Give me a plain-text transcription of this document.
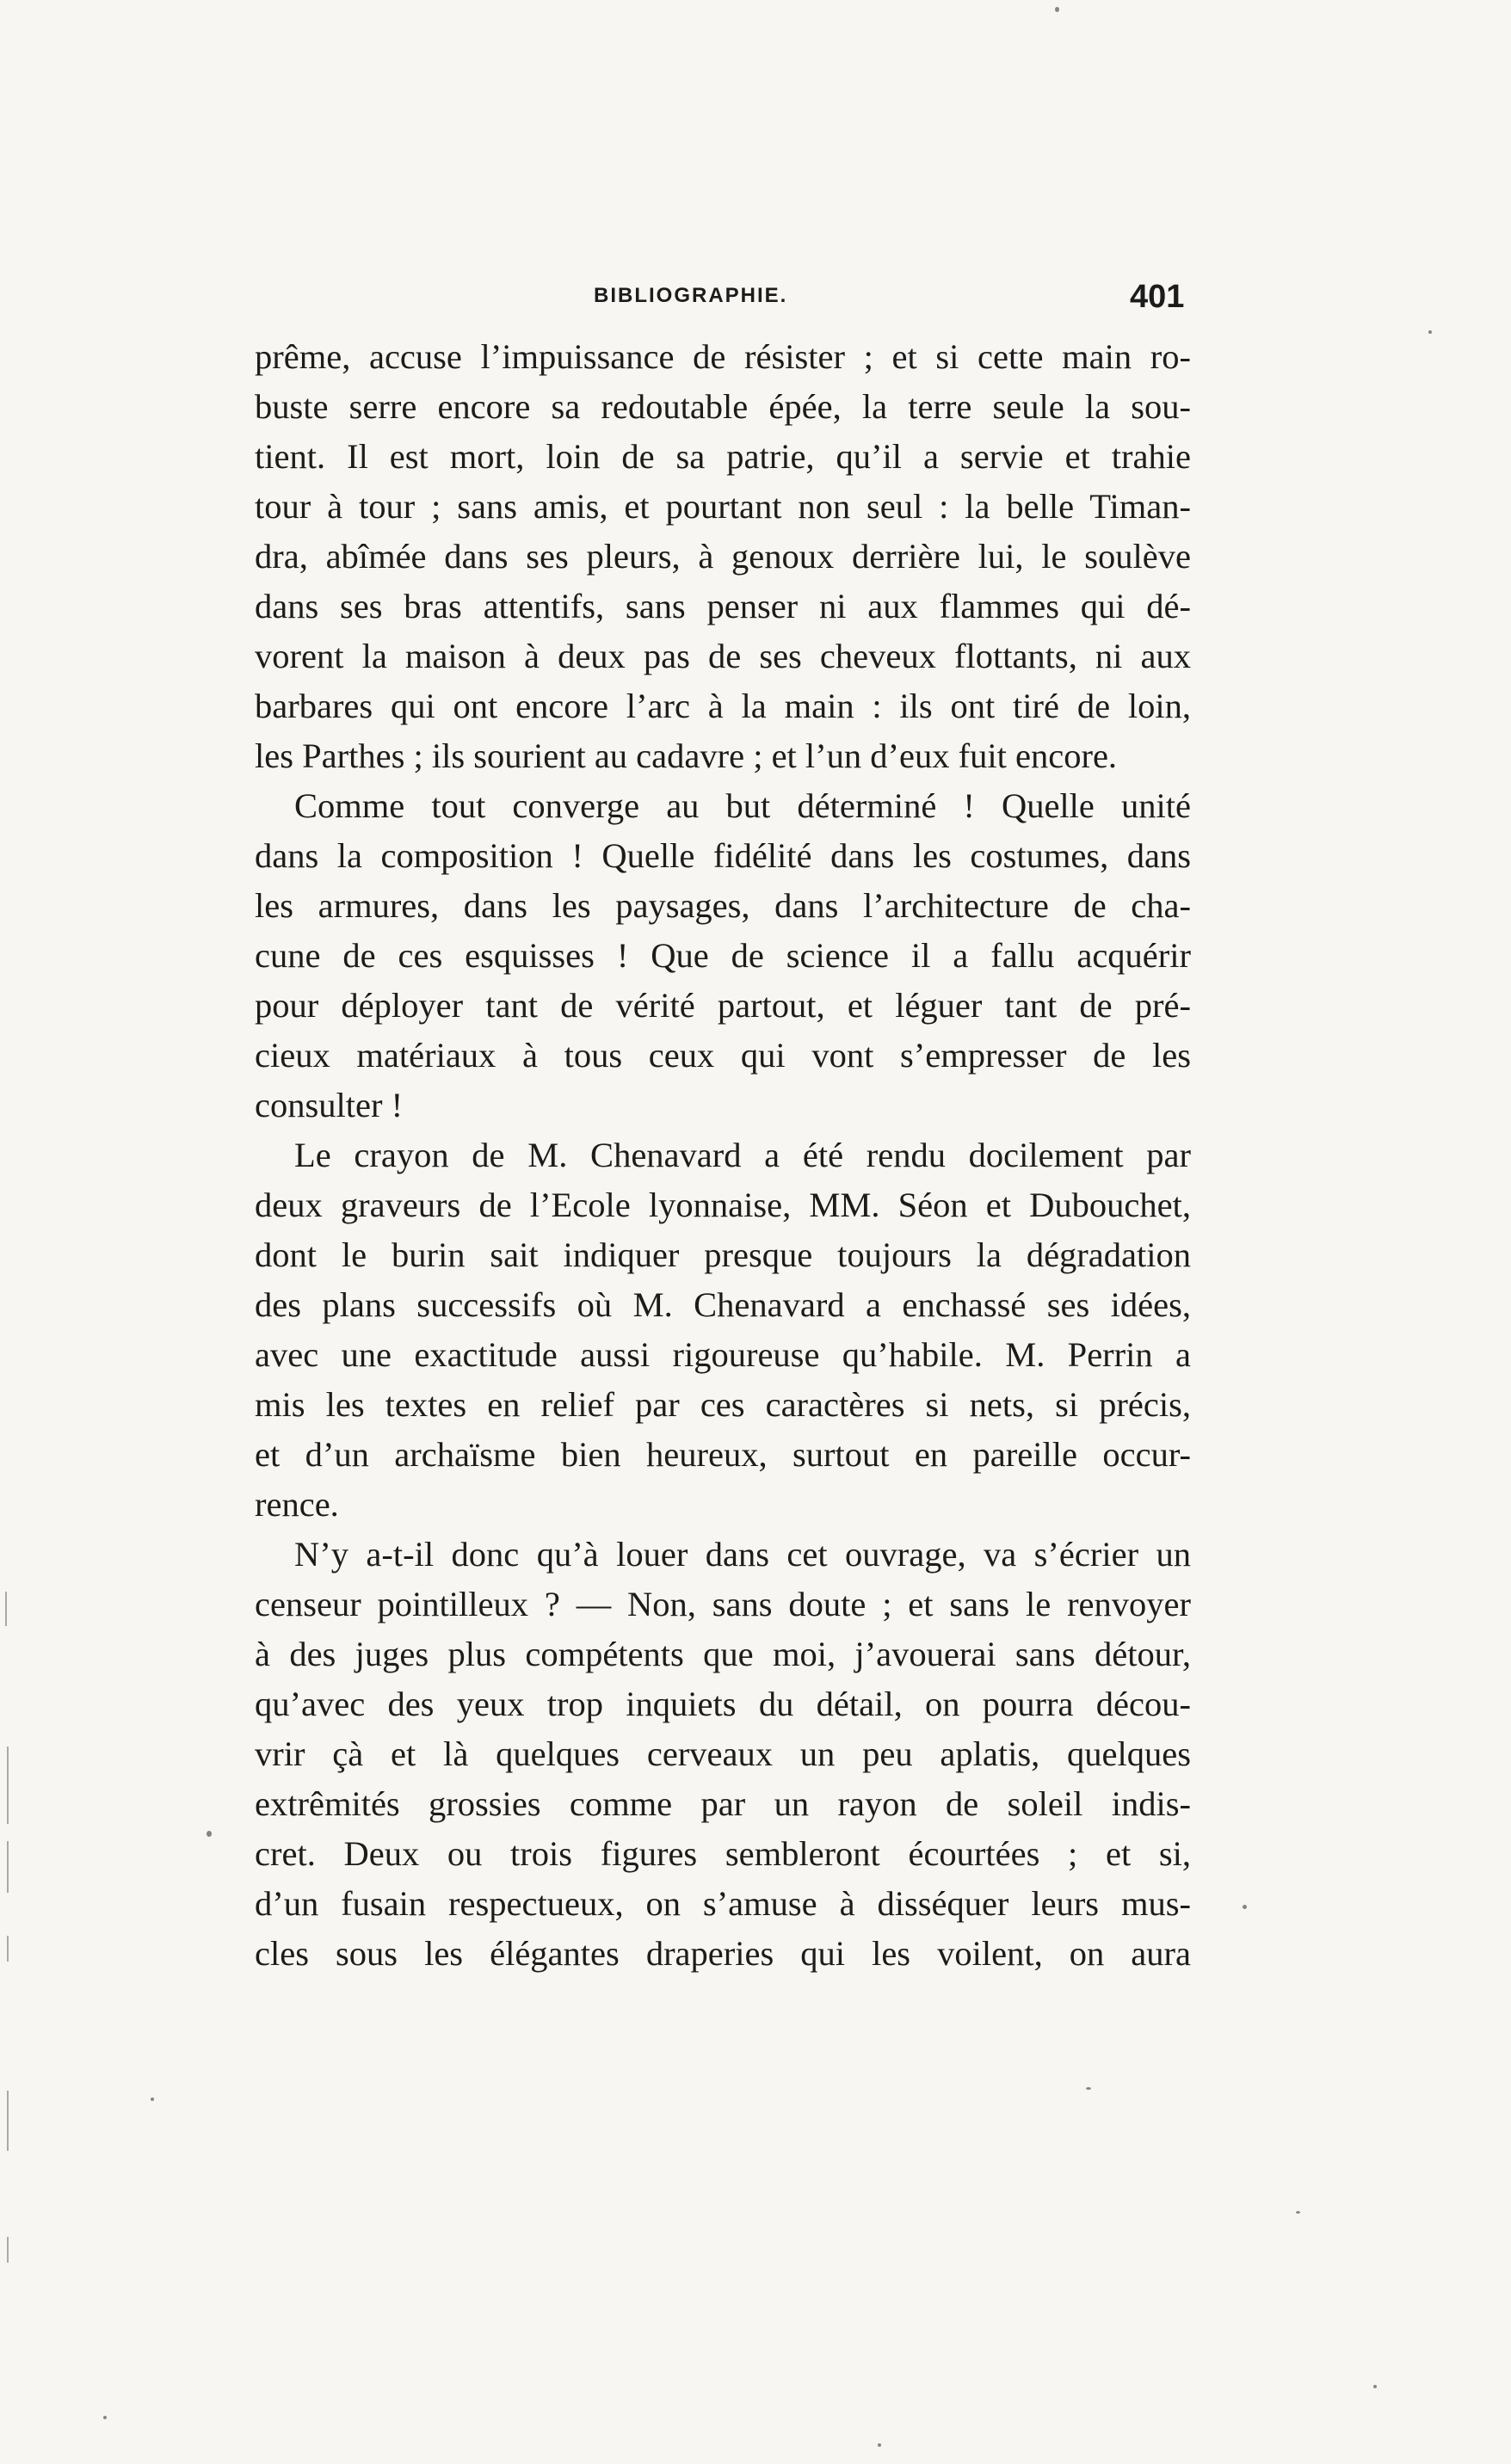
BIBLIOGRAPHIE.	401
prême, accuse l’impuissance de résister ; et si cette main ro-
buste serre encore sa redoutable épée, la terre seule la sou-
tient. Il est mort, loin de sa patrie, qu’il a servie et trahie
tour à tour ; sans amis, et pourtant non seul : la belle Timan-
dra, abîmée dans ses pleurs, à genoux derrière lui, le soulève
dans ses bras attentifs, sans penser ni aux flammes qui dé-
vorent la maison à deux pas de ses cheveux flottants, ni aux
barbares qui ont encore l’arc à la main : ils ont tiré de loin,
les Parthes ; ils sourient au cadavre ; et l’un d’eux fuit encore.
Comme tout converge au but déterminé ! Quelle unité
dans la composition ! Quelle fidélité dans les costumes, dans
les armures, dans les paysages, dans l’architecture de cha-
cune de ces esquisses ! Que de science il a fallu acquérir
pour déployer tant de vérité partout, et léguer tant de pré-
cieux matériaux à tous ceux qui vont s’empresser de les
consulter !
Le crayon de M. Chenavard a été rendu docilement par
deux graveurs de l’Ecole lyonnaise, MM. Séon et Dubouchet,
dont le burin sait indiquer presque toujours la dégradation
des plans successifs où M. Chenavard a enchassé ses idées,
avec une exactitude aussi rigoureuse qu’habile. M. Perrin a
mis les textes en relief par ces caractères si nets, si précis,
et d’un archaïsme bien heureux, surtout en pareille occur-
rence.
N’y a-t-il donc qu’à louer dans cet ouvrage, va s’écrier un
censeur pointilleux ? — Non, sans doute ; et sans le renvoyer
à des juges plus compétents que moi, j’avouerai sans détour,
qu’avec des yeux trop inquiets du détail, on pourra décou-
vrir çà et là quelques cerveaux un peu aplatis, quelques
extrêmités grossies comme par un rayon de soleil indis-
cret. Deux ou trois figures sembleront écourtées ; et si,
d’un fusain respectueux, on s’amuse à disséquer leurs mus-
cles sous les élégantes draperies qui les voilent, on aura
